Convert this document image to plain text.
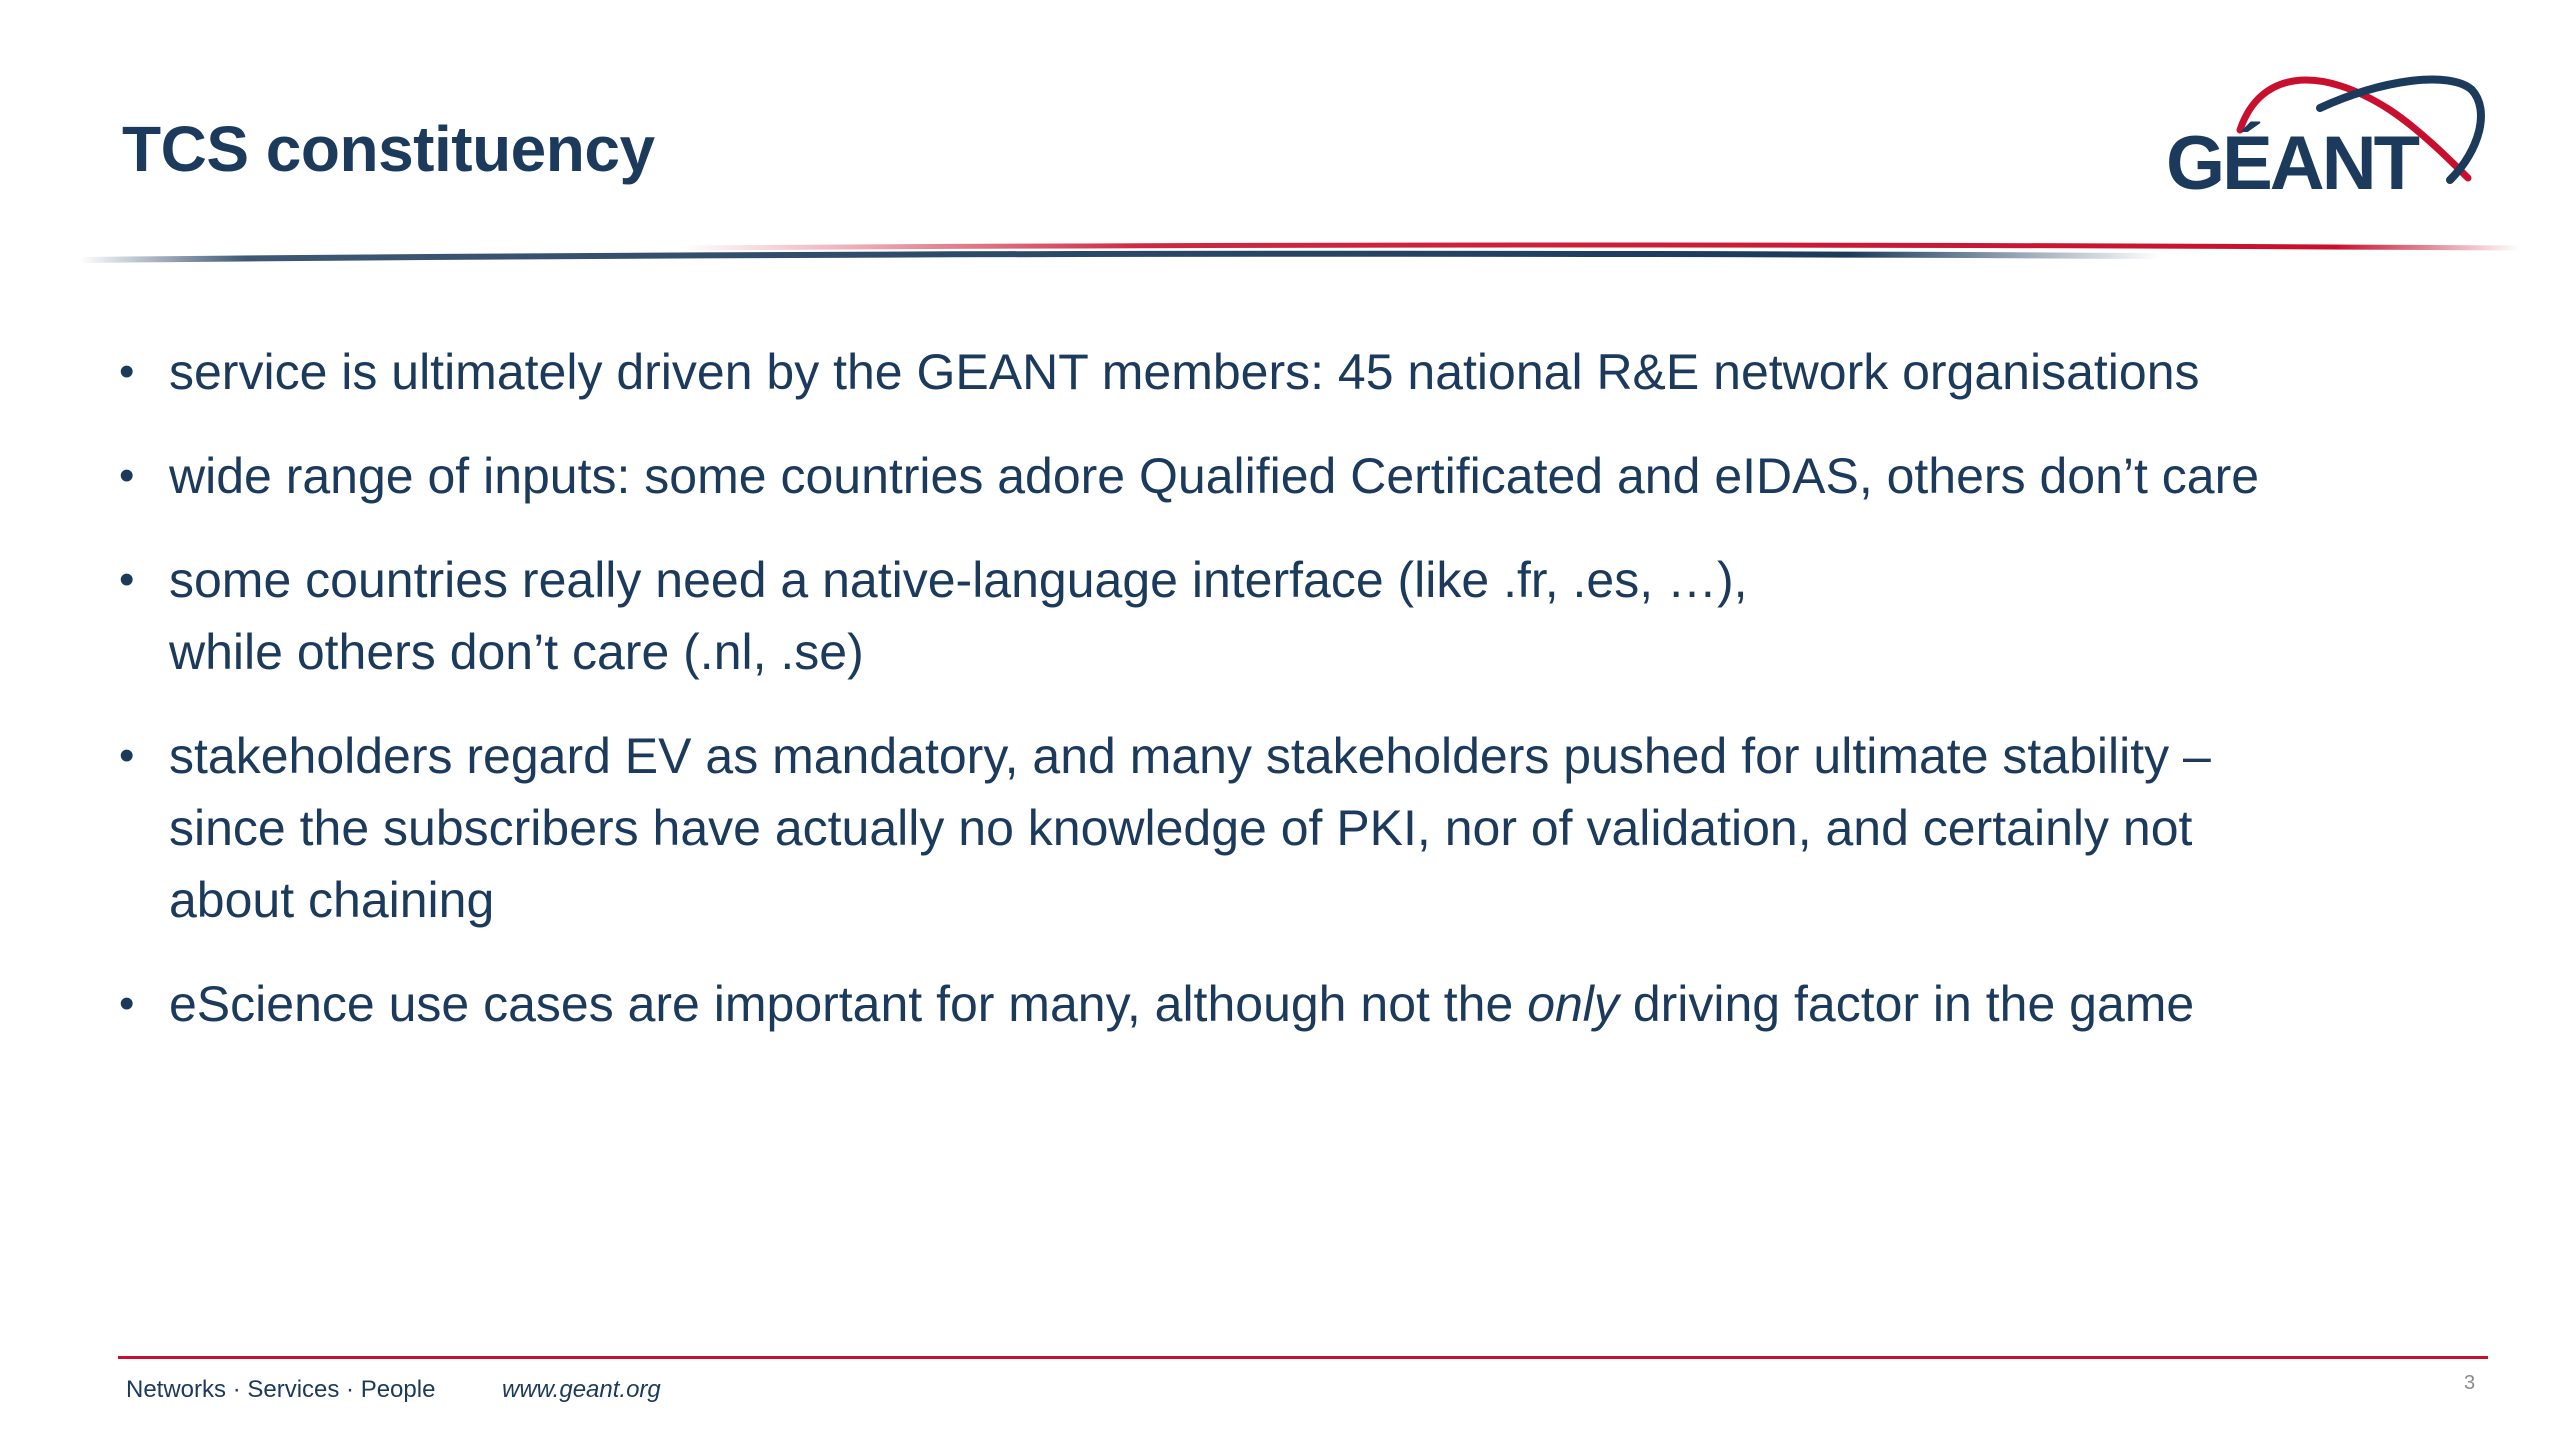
TCS constituency	GÉANT
• service is ultimately driven by the GEANT members: 45 national R&E network organisations
• wide range of inputs: some countries adore Qualified Certificated and eIDAS, others don’t care
• some countries really need a native-language interface (like .fr, .es, …),
while others don’t care (.nl, .se)
• stakeholders regard EV as mandatory, and many stakeholders pushed for ultimate stability –
since the subscribers have actually no knowledge of PKI, nor of validation, and certainly not
about chaining
• eScience use cases are important for many, although not the only driving factor in the game
Networks · Services · People	www.geant.org	3
